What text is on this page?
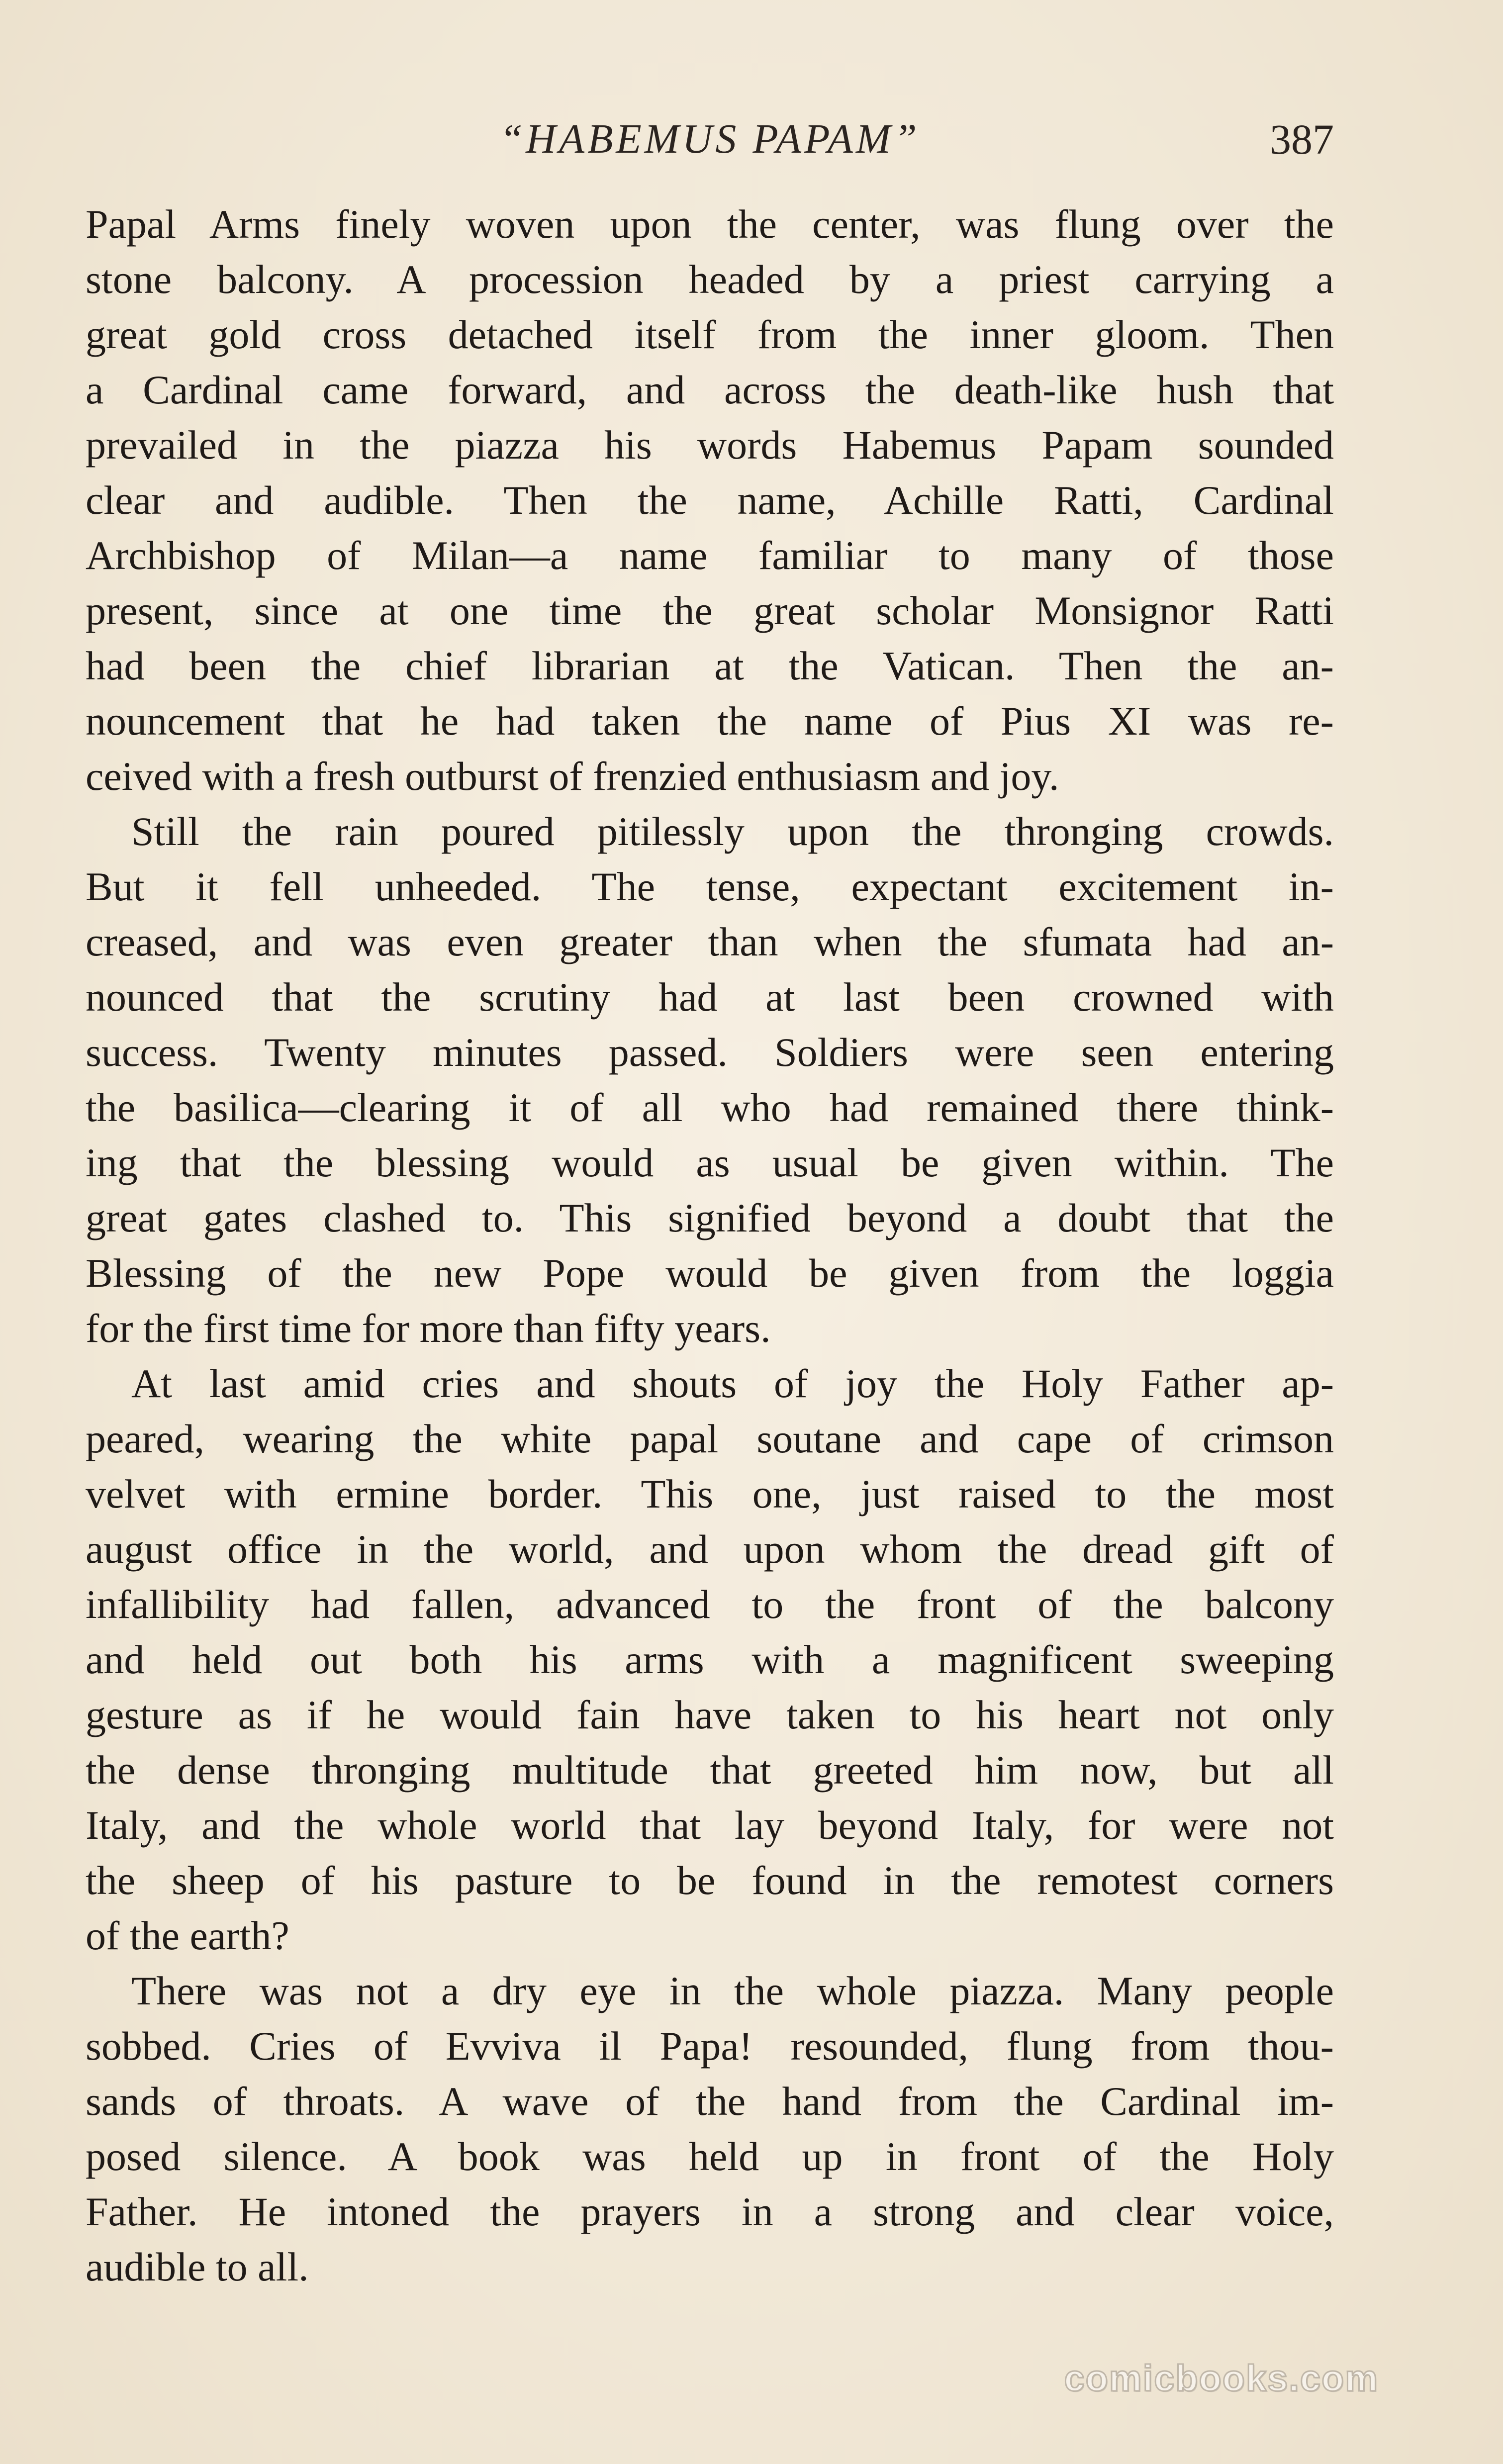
“HABEMUS PAPAM”	387
Papal Arms finely woven upon the center, was flung over the
stone balcony. A procession headed by a priest carrying a
great gold cross detached itself from the inner gloom. Then
a Cardinal came forward, and across the death-like hush that
prevailed in the piazza his words Habemus Papam sounded
clear and audible. Then the name, Achille Ratti, Cardinal
Archbishop of Milan—a name familiar to many of those
present, since at one time the great scholar Monsignor Ratti
had been the chief librarian at the Vatican. Then the an-
nouncement that he had taken the name of Pius XI was re-
ceived with a fresh outburst of frenzied enthusiasm and joy.
Still the rain poured pitilessly upon the thronging crowds.
But it fell unheeded. The tense, expectant excitement in-
creased, and was even greater than when the sfumata had an-
nounced that the scrutiny had at last been crowned with
success. Twenty minutes passed. Soldiers were seen entering
the basilica—clearing it of all who had remained there think-
ing that the blessing would as usual be given within. The
great gates clashed to. This signified beyond a doubt that the
Blessing of the new Pope would be given from the loggia
for the first time for more than fifty years.
At last amid cries and shouts of joy the Holy Father ap-
peared, wearing the white papal soutane and cape of crimson
velvet with ermine border. This one, just raised to the most
august office in the world, and upon whom the dread gift of
infallibility had fallen, advanced to the front of the balcony
and held out both his arms with a magnificent sweeping
gesture as if he would fain have taken to his heart not only
the dense thronging multitude that greeted him now, but all
Italy, and the whole world that lay beyond Italy, for were not
the sheep of his pasture to be found in the remotest corners
of the earth?
There was not a dry eye in the whole piazza. Many people
sobbed. Cries of Evviva il Papa! resounded, flung from thou-
sands of throats. A wave of the hand from the Cardinal im-
posed silence. A book was held up in front of the Holy
Father. He intoned the prayers in a strong and clear voice,
audible to all.
comicbooks.com
